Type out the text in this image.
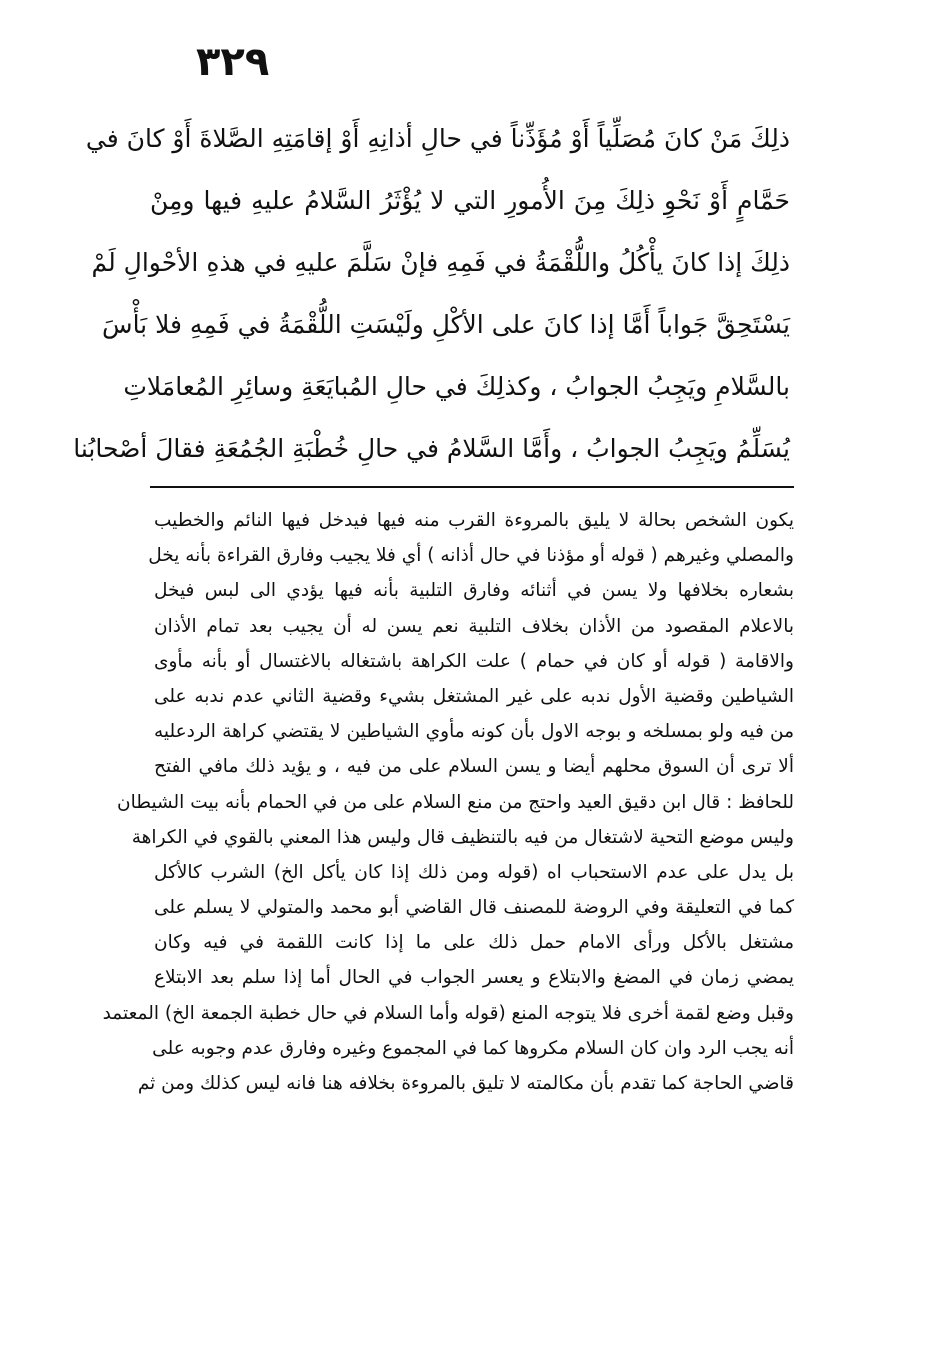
٣٢٩
ذلِكَ مَنْ كانَ مُصَلِّياً أَوْ مُؤَذِّناً في حالِ أذانِهِ أَوْ إقامَتِهِ الصَّلاةَ أَوْ كانَ في
حَمَّامٍ أَوْ نَحْوِ ذلِكَ مِنَ الأُمورِ التي لا يُؤْثَرُ السَّلامُ عليهِ فيها ومِنْ
ذلِكَ إذا كانَ يأْكُلُ واللُّقْمَةُ في فَمِهِ فإنْ سَلَّمَ عليهِ في هذهِ الأحْوالِ لَمْ
يَسْتَحِقَّ جَواباً أَمَّا إذا كانَ على الأكْلِ ولَيْسَتِ اللُّقْمَةُ في فَمِهِ فلا بَأْسَ
بالسَّلامِ ويَجِبُ الجوابُ ، وكذلِكَ في حالِ المُبايَعَةِ وسائِرِ المُعامَلاتِ
يُسَلِّمُ ويَجِبُ الجوابُ ، وأَمَّا السَّلامُ في حالِ خُطْبَةِ الجُمُعَةِ فقالَ أصْحابُنا
يكون الشخص بحالة لا يليق بالمروءة القرب منه فيها فيدخل فيها النائم والخطيب
والمصلي وغيرهم ( قوله أو مؤذنا في حال أذانه ) أي فلا يجيب وفارق القراءة بأنه يخل
بشعاره بخلافها ولا يسن في أثنائه وفارق التلبية بأنه فيها يؤدي الى لبس فيخل
بالاعلام المقصود من الأذان بخلاف التلبية نعم يسن له أن يجيب بعد تمام الأذان
والاقامة ( قوله أو كان في حمام ) علت الكراهة باشتغاله بالاغتسال أو بأنه مأوى
الشياطين وقضية الأول ندبه على غير المشتغل بشيء وقضية الثاني عدم ندبه على
من فيه ولو بمسلخه و بوجه الاول بأن كونه مأوي الشياطين لا يقتضي كراهة الردعليه
ألا ترى أن السوق محلهم أيضا و يسن السلام على من فيه ، و يؤيد ذلك مافي الفتح
للحافظ : قال ابن دقيق العيد واحتج من منع السلام على من في الحمام بأنه بيت الشيطان
وليس موضع التحية لاشتغال من فيه بالتنظيف قال وليس هذا المعني بالقوي في الكراهة
بل يدل على عدم الاستحباب اه (قوله ومن ذلك إذا كان يأكل الخ) الشرب كالأكل
كما في التعليقة وفي الروضة للمصنف قال القاضي أبو محمد والمتولي لا يسلم على
مشتغل بالأكل ورأى الامام حمل ذلك على ما إذا كانت اللقمة في فيه وكان
يمضي زمان في المضغ والابتلاع و يعسر الجواب في الحال أما إذا سلم بعد الابتلاع
وقبل وضع لقمة أخرى فلا يتوجه المنع (قوله وأما السلام في حال خطبة الجمعة الخ) المعتمد
أنه يجب الرد وان كان السلام مكروها كما في المجموع وغيره وفارق عدم وجوبه على
قاضي الحاجة كما تقدم بأن مكالمته لا تليق بالمروءة بخلافه هنا فانه ليس كذلك ومن ثم
